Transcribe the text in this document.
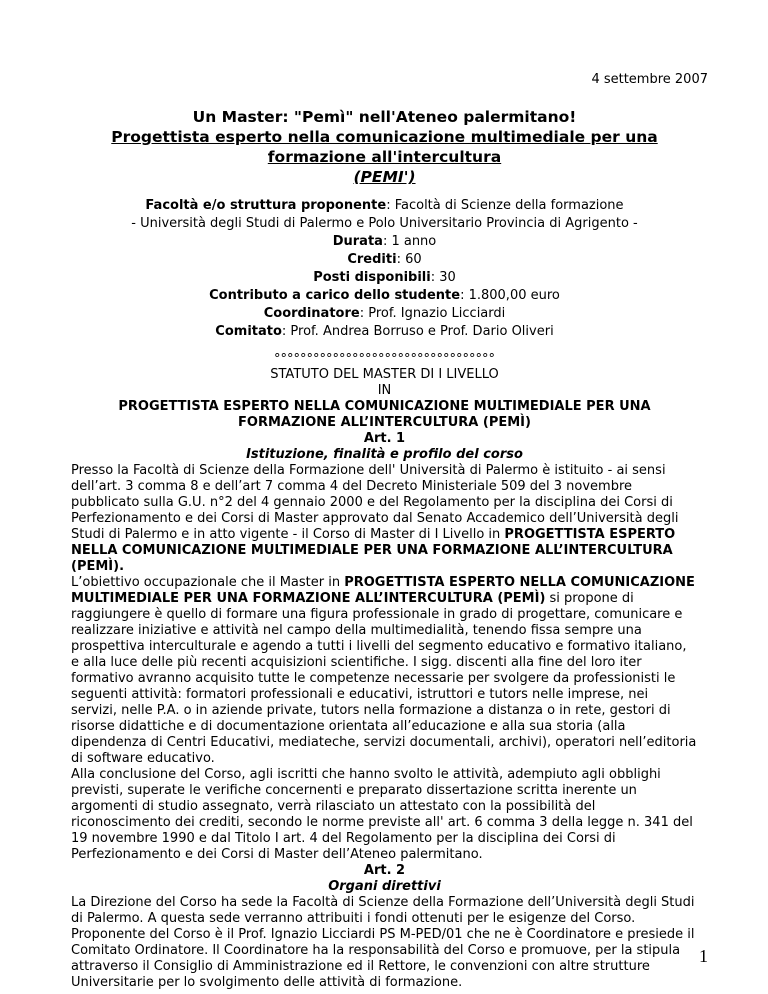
4 settembre 2007
Un Master: "Pemì" nell'Ateneo palermitano!
Progettista esperto nella comunicazione multimediale per una
formazione all'intercultura
(PEMI')
Facoltà e/o struttura proponente: Facoltà di Scienze della formazione
- Università degli Studi di Palermo e Polo Universitario Provincia di Agrigento -
Durata: 1 anno
Crediti: 60
Posti disponibili: 30
Contributo a carico dello studente: 1.800,00 euro
Coordinatore: Prof. Ignazio Licciardi
Comitato: Prof. Andrea Borruso e Prof. Dario Oliveri
°°°°°°°°°°°°°°°°°°°°°°°°°°°°°°°°°°
STATUTO DEL MASTER DI I LIVELLO
IN
PROGETTISTA ESPERTO NELLA COMUNICAZIONE MULTIMEDIALE PER UNA
FORMAZIONE ALL’INTERCULTURA (PEMÌ)
Art. 1
Istituzione, finalità e profilo del corso

Presso la Facoltà di Scienze della Formazione dell' Università di Palermo è istituito - ai sensi dell’art. 3 comma 8 e dell’art 7 comma 4 del Decreto Ministeriale 509 del 3 novembre pubblicato sulla G.U. n°2 del 4 gennaio 2000 e del Regolamento per la disciplina dei Corsi di Perfezionamento e dei Corsi di Master approvato dal Senato Accademico dell’Università degli Studi di Palermo e in atto vigente - il Corso di Master di I Livello in PROGETTISTA ESPERTO NELLA COMUNICAZIONE MULTIMEDIALE PER UNA FORMAZIONE ALL’INTERCULTURA (PEMÌ).

L’obiettivo occupazionale che il Master in PROGETTISTA ESPERTO NELLA COMUNICAZIONE MULTIMEDIALE PER UNA FORMAZIONE ALL’INTERCULTURA (PEMÌ) si propone di raggiungere è quello di formare una figura professionale in grado di progettare, comunicare e realizzare iniziative e attività nel campo della multimedialità, tenendo fissa sempre una prospettiva interculturale e agendo a tutti i livelli del segmento educativo e formativo italiano, e alla luce delle più recenti acquisizioni scientifiche. I sigg. discenti alla fine del loro iter formativo avranno acquisito tutte le competenze necessarie per svolgere da professionisti le seguenti attività: formatori professionali e educativi, istruttori e tutors nelle imprese, nei servizi, nelle P.A. o in aziende private, tutors nella formazione a distanza o in rete, gestori di risorse didattiche e di documentazione orientata all’educazione e alla sua storia (alla dipendenza di Centri Educativi, mediateche, servizi documentali, archivi), operatori nell’editoria di software educativo.

Alla conclusione del Corso, agli iscritti che hanno svolto le attività, adempiuto agli obblighi previsti, superate le verifiche concernenti e preparato dissertazione scritta inerente un argomenti di studio assegnato, verrà rilasciato un attestato con la possibilità del riconoscimento dei crediti, secondo le norme previste all' art. 6 comma 3 della legge n. 341 del 19 novembre 1990 e dal Titolo I art. 4 del Regolamento per la disciplina dei Corsi di Perfezionamento e dei Corsi di Master dell’Ateneo palermitano.

Art. 2
Organi direttivi

La Direzione del Corso ha sede la Facoltà di Scienze della Formazione dell’Università degli Studi di Palermo. A questa sede verranno attribuiti i fondi ottenuti per le esigenze del Corso. Proponente del Corso è il Prof. Ignazio Licciardi PS M-PED/01 che ne è Coordinatore e presiede il Comitato Ordinatore. Il Coordinatore ha la responsabilità del Corso e promuove, per la stipula attraverso il Consiglio di Amministrazione ed il Rettore, le convenzioni con altre strutture Universitarie per lo svolgimento delle attività di formazione.

1
